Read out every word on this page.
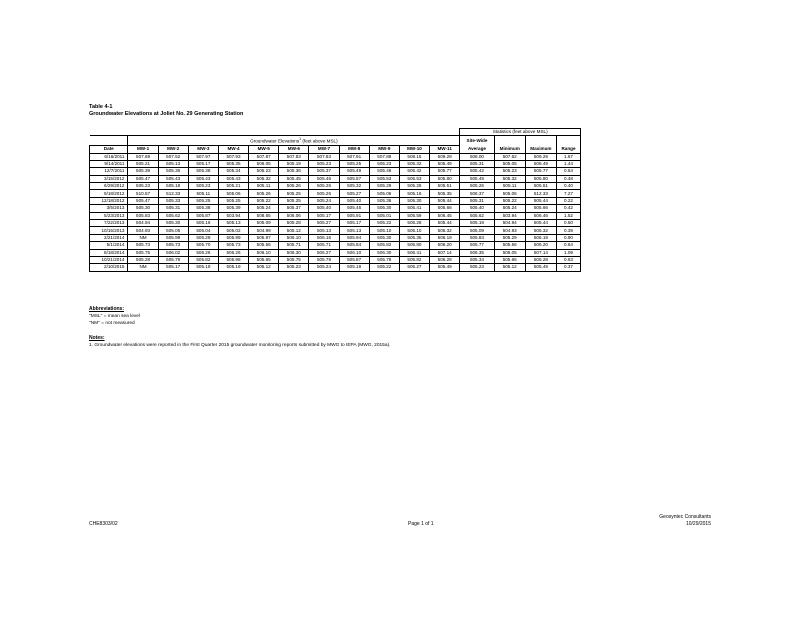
Table 4-1
Groundwater Elevations at Joliet No. 29 Generating Station
												Statistics (feet above MSL)			
	Groundwater Elevations$^1$ (feet above MSL)											Site-Wide			
Date	MW-1	MW-2	MW-3	MW-4	MW-5	MW-6	MW-7	MW-8	MW-9	MW-10	MW-11	Average	Minimum	Maximum	Range
6/16/2011	507.69	507.52	507.97	507.93	507.87	507.83	507.83	507.91	507.88	508.15	509.29	508.00	507.62	509.29	1.67
9/14/2011	505.21	505.13	505.17	505.35	506.05	505.19	505.23	505.25	505.23	505.32	505.49	505.31	505.05	506.49	1.44
12/7/2011	505.39	505.36	505.38	505.34	505.23	505.36	505.37	505.49	505.46	505.42	505.77	505.42	505.23	505.77	0.54
3/15/2012	505.47	505.43	505.43	505.43	505.32	505.45	505.46	505.57	505.53	505.53	505.80	505.49	505.32	505.80	0.48
6/29/2012	505.23	505.18	505.23	505.21	505.11	505.26	505.26	505.32	505.29	505.28	505.51	505.26	505.11	505.51	0.40
9/18/2012	510.57	512.33	505.11	505.06	505.26	505.25	505.26	505.27	505.06	505.16	505.35	506.37	505.06	512.33	7.27
12/18/2012	505.47	505.33	505.25	505.25	505.22	505.25	505.24	505.40	505.36	505.30	505.44	505.31	505.22	505.44	0.22
3/5/2013	505.30	505.31	505.38	505.39	505.24	505.37	505.40	505.45	505.30	505.41	505.66	505.40	505.24	505.66	0.42
5/23/2013	505.83	505.62	505.87	503.94	508.65	506.06	505.17	505.91	505.01	505.59	506.45	505.62	503.94	506.46	1.52
7/22/2013	504.94	505.30	505.16	505.13	505.09	505.28	505.27	505.17	505.22	505.28	505.44	505.19	504.94	505.44	0.50
10/15/2013	504.93	505.05	505.04	505.02	504.99	505.12	505.13	505.13	505.10	505.10	505.32	505.09	504.93	505.32	0.39
2/21/2014	NM	505.99	505.29	505.99	505.97	506.10	506.16	505.94	505.30	505.35	506.19	505.83	505.29	506.19	0.90
5/1/2014	505.73	505.73	505.70	505.73	505.56	505.71	505.71	505.84	505.82	505.80	506.20	505.77	505.56	506.20	0.64
8/18/2014	505.75	506.02	506.26	506.26	506.10	506.30	506.27	506.10	506.30	506.41	507.14	506.35	506.05	507.14	1.09
10/21/2014	505.28	505.79	505.82	505.98	505.65	505.75	505.79	505.87	505.78	505.82	506.28	505.34	505.65	506.28	0.63
2/10/2015	NM	505.17	505.19	505.19	505.12	505.23	505.24	505.18	505.22	505.27	505.49	505.23	505.12	505.49	0.37
Abbreviations:
"MSL" = mean sea level
"NM" = not measured
Notes:
1. Groundwater elevations were reported in the First Quarter 2015 groundwater monitoring reports submitted by MWG to IEPA (MWG, 2015a).
CHE8303/02	Page 1 of 1
Geosyntec Consultants
10/29/2015
